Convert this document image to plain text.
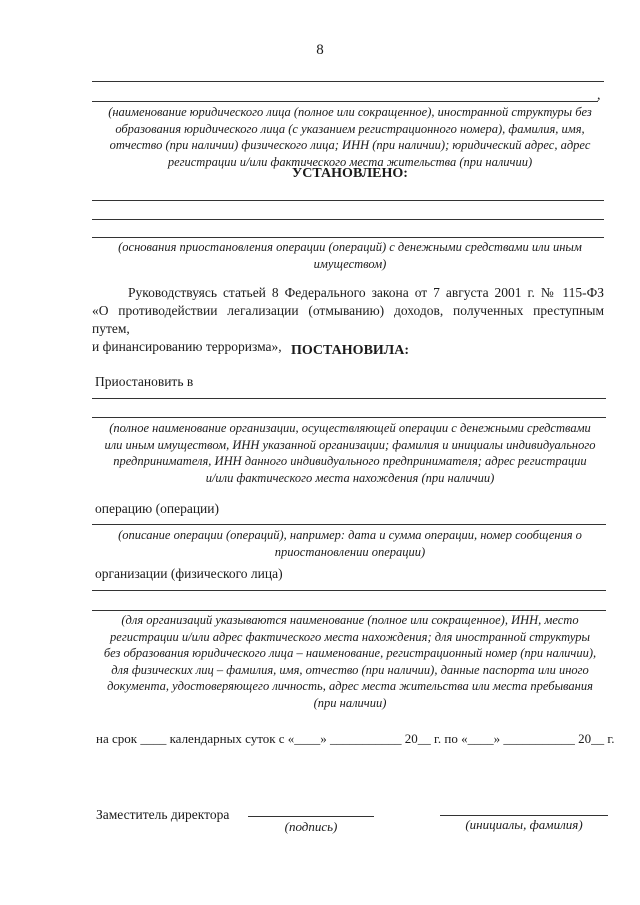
8
,
(наименование юридического лица (полное или сокращенное), иностранной структуры без
образования юридического лица (с указанием регистрационного номера), фамилия, имя,
отчество (при наличии) физического лица; ИНН (при наличии); юридический адрес, адрес
регистрации и/или фактического места жительства (при наличии)
УСТАНОВЛЕНО:
(основания приостановления операции (операций) с денежными средствами или иным
имуществом)
Руководствуясь статьей 8 Федерального закона от 7 августа 2001 г. № 115-ФЗ
«О противодействии легализации (отмыванию) доходов, полученных преступным путем,
и финансированию терроризма», ПОСТАНОВИЛА:
Приостановить в
(полное наименование организации, осуществляющей операции с денежными средствами
или иным имуществом, ИНН указанной организации; фамилия и инициалы индивидуального
предпринимателя, ИНН данного индивидуального предпринимателя; адрес регистрации
и/или фактического места нахождения (при наличии)
операцию (операции)
(описание операции (операций), например: дата и сумма операции, номер сообщения о
приостановлении операции)
организации (физического лица)
(для организаций указываются наименование (полное или сокращенное), ИНН, место
регистрации и/или адрес фактического места нахождения; для иностранной структуры
без образования юридического лица – наименование, регистрационный номер (при наличии),
для физических лиц – фамилия, имя, отчество (при наличии), данные паспорта или иного
документа, удостоверяющего личность, адрес места жительства или места пребывания
(при наличии)
на срок ____ календарных суток с «____» ___________ 20__ г. по «____» ___________ 20__ г.
Заместитель директора
(подпись)	(инициалы, фамилия)
